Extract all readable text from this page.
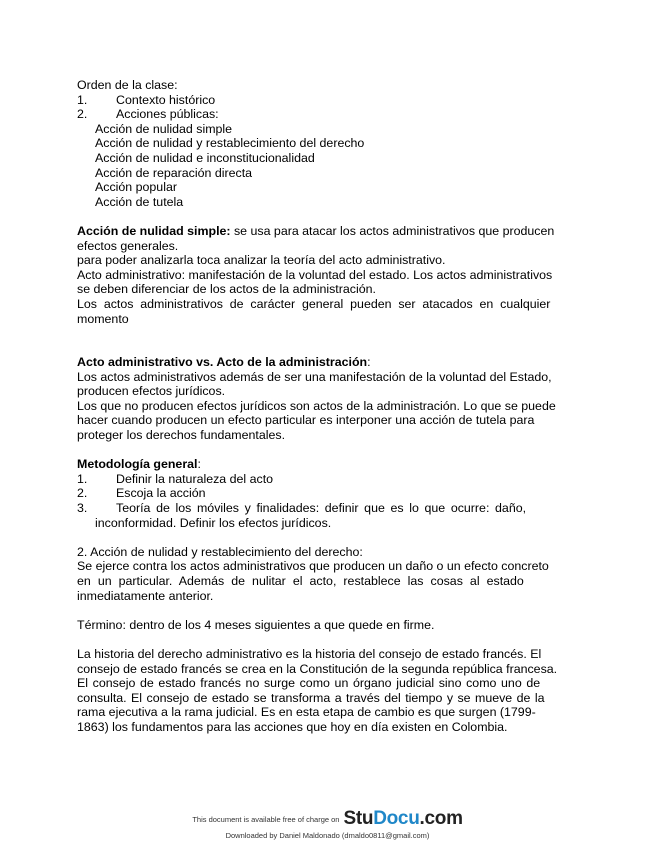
Orden de la clase:
1. Contexto histórico
2. Acciones públicas:
Acción de nulidad simple
Acción de nulidad y restablecimiento del derecho
Acción de nulidad e inconstitucionalidad
Acción de reparación directa
Acción popular
Acción de tutela
Acción de nulidad simple: se usa para atacar los actos administrativos que producen
efectos generales.
para poder analizarla toca analizar la teoría del acto administrativo.
Acto administrativo: manifestación de la voluntad del estado. Los actos administrativos
se deben diferenciar de los actos de la administración.
Los actos administrativos de carácter general pueden ser atacados en cualquier
momento
Acto administrativo vs. Acto de la administración:
Los actos administrativos además de ser una manifestación de la voluntad del Estado,
producen efectos jurídicos.
Los que no producen efectos jurídicos son actos de la administración. Lo que se puede
hacer cuando producen un efecto particular es interponer una acción de tutela para
proteger los derechos fundamentales.
Metodología general:
1. Definir la naturaleza del acto
2. Escoja la acción
3. Teoría de los móviles y finalidades: definir que es lo que ocurre: daño,
inconformidad. Definir los efectos jurídicos.
2. Acción de nulidad y restablecimiento del derecho:
Se ejerce contra los actos administrativos que producen un daño o un efecto concreto
en un particular. Además de nulitar el acto, restablece las cosas al estado
inmediatamente anterior.
Término: dentro de los 4 meses siguientes a que quede en firme.
La historia del derecho administrativo es la historia del consejo de estado francés. El
consejo de estado francés se crea en la Constitución de la segunda república francesa.
El consejo de estado francés no surge como un órgano judicial sino como uno de
consulta. El consejo de estado se transforma a través del tiempo y se mueve de la
rama ejecutiva a la rama judicial. Es en esta etapa de cambio es que surgen (1799-
1863) los fundamentos para las acciones que hoy en día existen en Colombia.
This document is available free of charge on StuDocu.com
Downloaded by Daniel Maldonado (dmaldo0811@gmail.com)
